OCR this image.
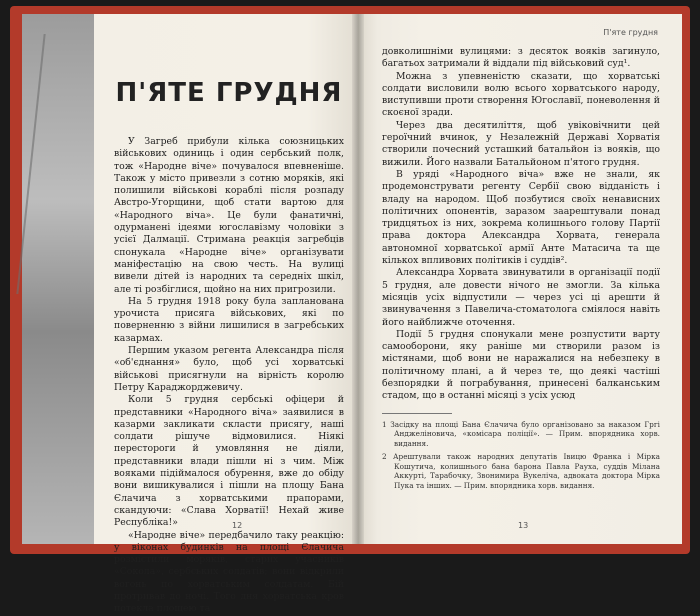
П'ЯТЕ ГРУДНЯ

У Загреб прибули кілька союзницьких військових одиниць і один сербський полк, тож «Народне віче» почувалося впевненіше. Також у місто привезли з сотню моряків, які полишили військові кораблі після розпаду Австро-Угорщини, щоб стати вартою для «Народного віча». Це були фанатичні, одурманені ідеями югославізму чоловіки з усієї Далмації. Стримана реакція загребців спонукала «Народне віче» організувати маніфестацію на свою честь. На вулиці вивели дітей із народних та середніх шкіл, але ті розбіглися, щойно на них пригрозили.

На 5 грудня 1918 року була запланована урочиста присяга військових, які по поверненню з війни лишилися в загребських казармах.

Першим указом регента Александра після «об'єднання» було, щоб усі хорватські військові присягнули на вірність королю Петру Караджорджевичу.

Коли 5 грудня сербські офіцери й представники «Народного віча» заявилися в казарми закликати скласти присягу, наші солдати рішуче відмовилися. Ніякі перестороги й умовляння не діяли, представники влади пішли ні з чим. Між вояками підіймалося обурення, вже до обіду вони вишикувалися і пішли на площу Бана Єлачича з хорватськими прапорами, скандуючи: «Слава Хорватії! Нехай живе Республіка!»

«Народне віче» передбачило таку реакцію: у віконах будинків на площі Єлачича розмістили моряків, старих учасників «Сокола», сербських солдатів; вони відкрили вогонь по хорватським солдатам. Бій протривав до ночі. Того дня хорватська кров потекла площею та

12
П'яте грудня

довколишніми вулицями: з десяток вояків загинуло, багатьох затримали й віддали під військовий суд¹.

Можна з упевненістю сказати, що хорватські солдати висловили волю всього хорватського народу, виступивши проти створення Югославії, поневолення й скоєної зради.

Через два десятиліття, щоб увіковічнити цей героїчний вчинок, у Незалежній Державі Хорватія створили почесний устaшкий батальйон із вояків, що вижили. Його назвали Батальйоном п'ятого грудня.

В уряді «Народного віча» вже не знали, як продемонструвати регенту Сербії свою відданість і владу на народом. Щоб позбутися своїх ненависних політичних опонентів, зарaзом заарештували понад тридцятьох із них, зокрема колишнього голову Партії права доктора Александра Хорвата, генерала автономної хорватської армії Анте Матасича та ще кількох впливових політиків і суддів².

Александра Хорвата звинуватили в організації події 5 грудня, але довести нічого не змогли. За кілька місяців усіх відпустили — через усі ці арешти й звинувачення з Павелича-стоматолога сміялося навіть його найближче оточення.

Події 5 грудня спонукали мене розпустити варту самооборони, яку раніше ми створили разом із містянами, щоб вони не наражалися на небезпеку в політичному плані, а й через те, що деякі частіші безпорядки й пограбування, принесені балканським стадом, що в останні місяці з усіх усюд

1 Засідку на площі Бана Єлачича було організовано за наказом Гргі Анджеліновича, «комісара поліції». — Прим. впорядника хорв. видання.

2 Арештували також народних депутатів Івицю Франка і Мірка Кошутича, колишнього бана барона Павла Рауха, суддів Мілана Аккурті, Тарабочку, Звонимира Вукеліча, адвоката доктора Мірка Пука та інших. — Прим. впорядника хорв. видання.

13
